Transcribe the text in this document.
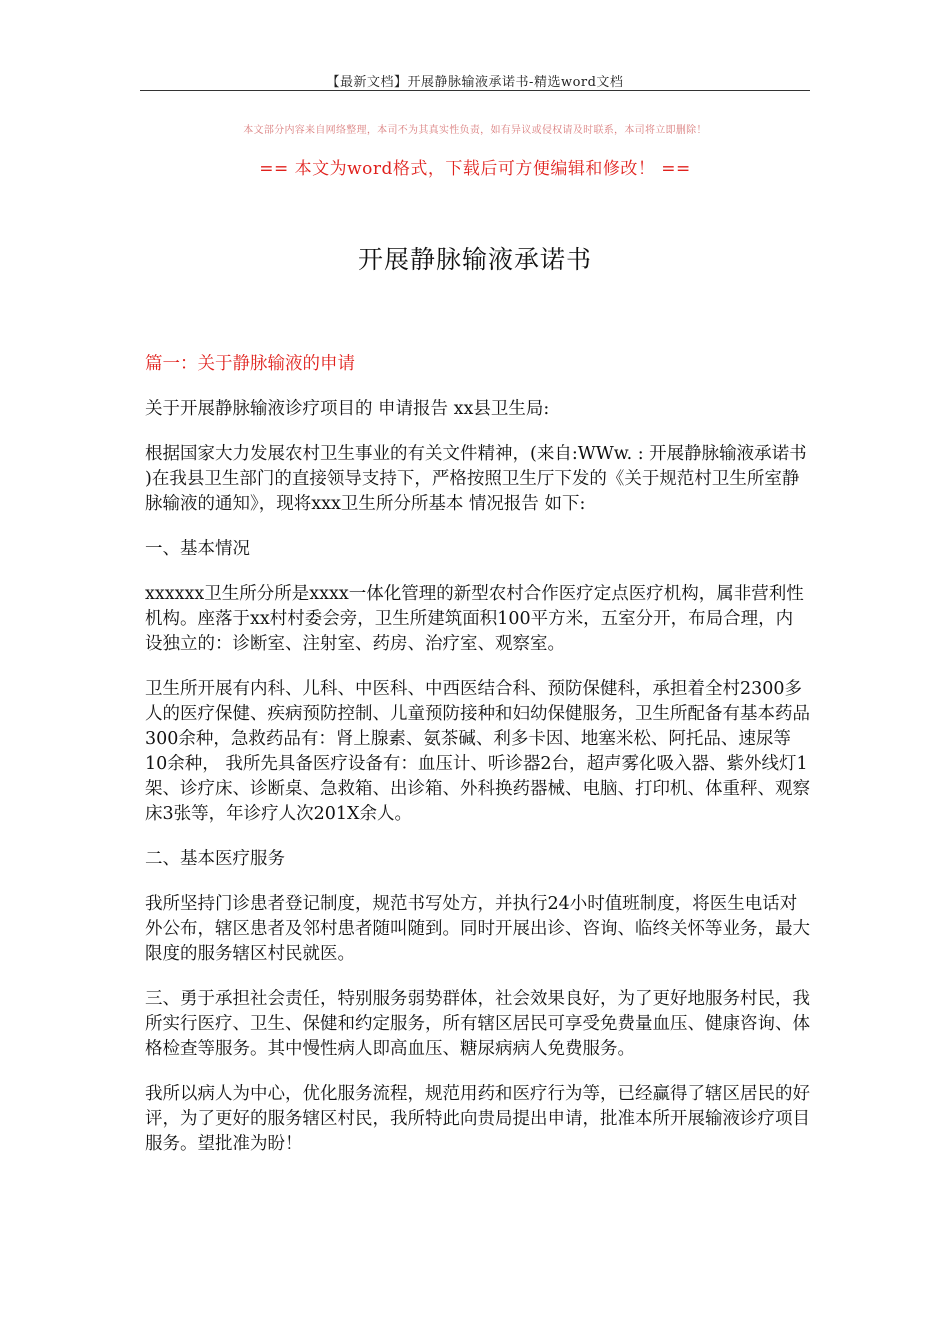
【最新文档】开展静脉输液承诺书-精选word文档
本文部分内容来自网络整理，本司不为其真实性负责，如有异议或侵权请及时联系，本司将立即删除！
== 本文为word格式，下载后可方便编辑和修改！ ==
开展静脉输液承诺书

篇一：关于静脉输液的申请

关于开展静脉输液诊疗项目的 申请报告 xx县卫生局:

根据国家大力发展农村卫生事业的有关文件精神，(来自:WWw. : 开展静脉输液承诺书 )在我县卫生部门的直接领导支持下，严格按照卫生厅下发的《关于规范村卫生所室静脉输液的通知》，现将xxx卫生所分所基本 情况报告 如下:

一、基本情况

xxxxxx卫生所分所是xxxx一体化管理的新型农村合作医疗定点医疗机构，属非营利性机构。座落于xx村村委会旁，卫生所建筑面积100平方米，五室分开，布局合理，内设独立的：诊断室、注射室、药房、治疗室、观察室。

卫生所开展有内科、儿科、中医科、中西医结合科、预防保健科，承担着全村2300多人的医疗保健、疾病预防控制、儿童预防接种和妇幼保健服务，卫生所配备有基本药品300余种，急救药品有：肾上腺素、氨茶碱、利多卡因、地塞米松、阿托品、速尿等10余种， 我所先具备医疗设备有：血压计、听诊器2台，超声雾化吸入器、紫外线灯1架、诊疗床、诊断桌、急救箱、出诊箱、外科换药器械、电脑、打印机、体重秤、观察床3张等，年诊疗人次201X余人。

二、基本医疗服务

我所坚持门诊患者登记制度，规范书写处方，并执行24小时值班制度，将医生电话对外公布，辖区患者及邻村患者随叫随到。同时开展出诊、咨询、临终关怀等业务，最大限度的服务辖区村民就医。

三、勇于承担社会责任，特别服务弱势群体，社会效果良好，为了更好地服务村民，我所实行医疗、卫生、保健和约定服务，所有辖区居民可享受免费量血压、健康咨询、体格检查等服务。其中慢性病人即高血压、糖尿病病人免费服务。

我所以病人为中心，优化服务流程，规范用药和医疗行为等，已经赢得了辖区居民的好评，为了更好的服务辖区村民，我所特此向贵局提出申请，批准本所开展输液诊疗项目服务。望批准为盼！
